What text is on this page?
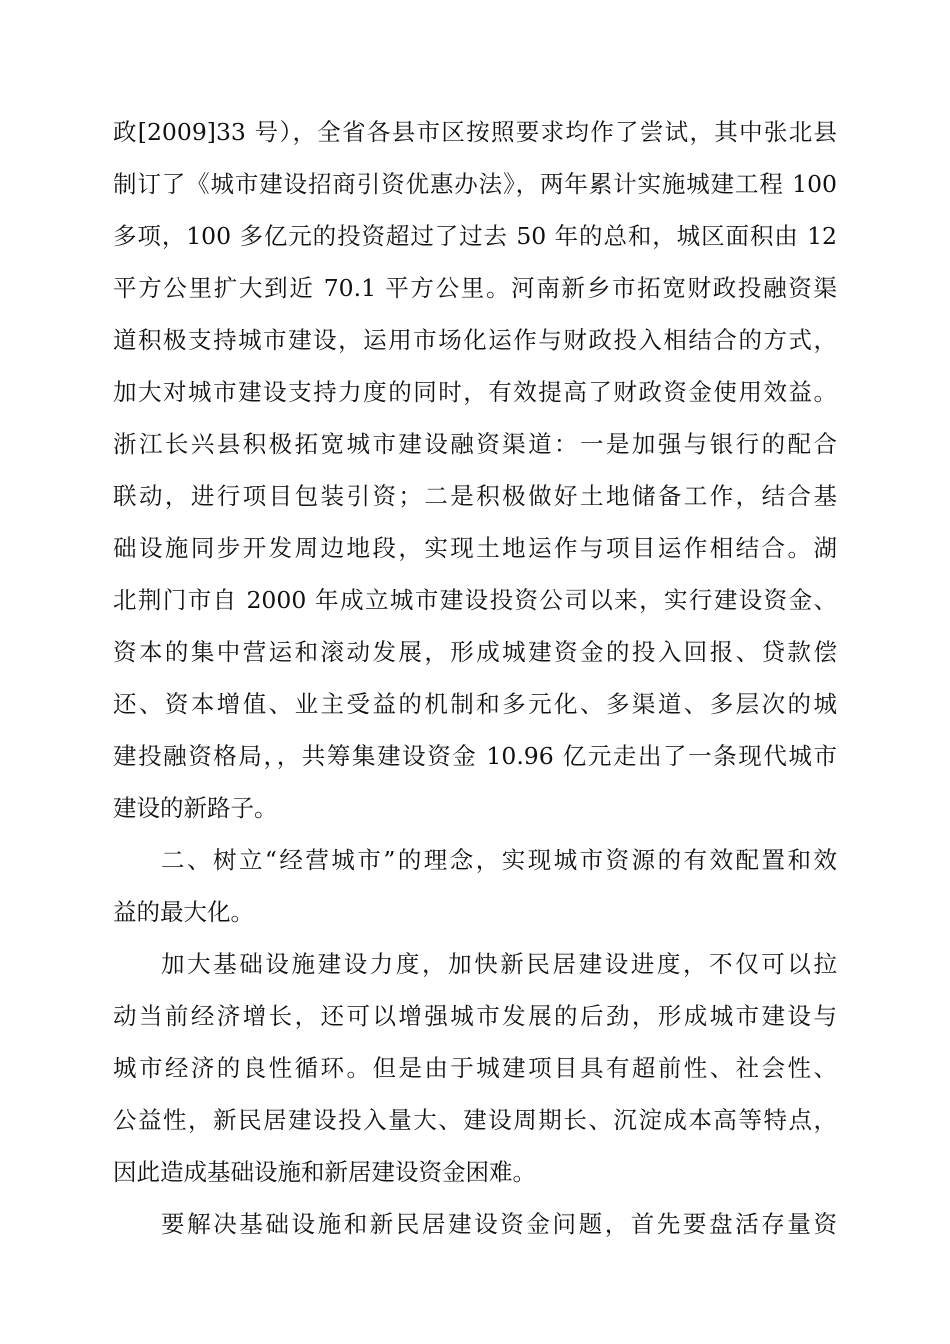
政[2009]33 号），全省各县市区按照要求均作了尝试，其中张北县
制订了《城市建设招商引资优惠办法》，两年累计实施城建工程 100
多项，100 多亿元的投资超过了过去 50 年的总和，城区面积由 12
平方公里扩大到近 70.1 平方公里。河南新乡市拓宽财政投融资渠
道积极支持城市建设，运用市场化运作与财政投入相结合的方式，
加大对城市建设支持力度的同时，有效提高了财政资金使用效益。
浙江长兴县积极拓宽城市建设融资渠道：一是加强与银行的配合
联动，进行项目包装引资；二是积极做好土地储备工作，结合基
础设施同步开发周边地段，实现土地运作与项目运作相结合。湖
北荆门市自 2000 年成立城市建设投资公司以来，实行建设资金、
资本的集中营运和滚动发展，形成城建资金的投入回报、贷款偿
还、资本增值、业主受益的机制和多元化、多渠道、多层次的城
建投融资格局，，共筹集建设资金 10.96 亿元走出了一条现代城市
建设的新路子。
二、树立“经营城市”的理念，实现城市资源的有效配置和效
益的最大化。
加大基础设施建设力度，加快新民居建设进度，不仅可以拉
动当前经济增长，还可以增强城市发展的后劲，形成城市建设与
城市经济的良性循环。但是由于城建项目具有超前性、社会性、
公益性，新民居建设投入量大、建设周期长、沉淀成本高等特点，
因此造成基础设施和新居建设资金困难。
要解决基础设施和新民居建设资金问题，首先要盘活存量资
